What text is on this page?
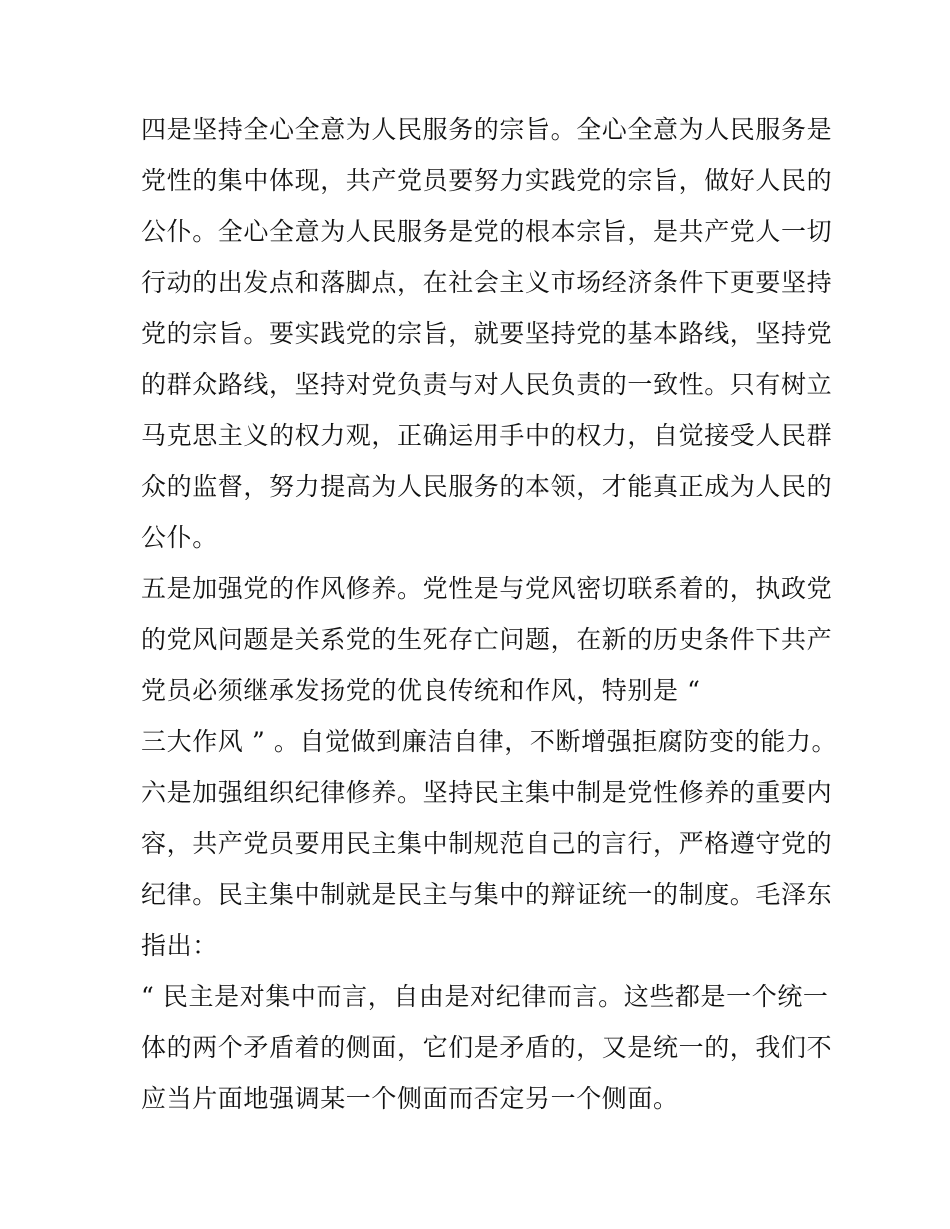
四是坚持全心全意为人民服务的宗旨。全心全意为人民服务是
党性的集中体现，共产党员要努力实践党的宗旨，做好人民的
公仆。全心全意为人民服务是党的根本宗旨，是共产党人一切
行动的出发点和落脚点，在社会主义市场经济条件下更要坚持
党的宗旨。要实践党的宗旨，就要坚持党的基本路线，坚持党
的群众路线，坚持对党负责与对人民负责的一致性。只有树立
马克思主义的权力观，正确运用手中的权力，自觉接受人民群
众的监督，努力提高为人民服务的本领，才能真正成为人民的
公仆。
五是加强党的作风修养。党性是与党风密切联系着的，执政党
的党风问题是关系党的生死存亡问题，在新的历史条件下共产
党员必须继承发扬党的优良传统和作风，特别是 “
三大作风 ” 。自觉做到廉洁自律，不断增强拒腐防变的能力。
六是加强组织纪律修养。坚持民主集中制是党性修养的重要内
容，共产党员要用民主集中制规范自己的言行，严格遵守党的
纪律。民主集中制就是民主与集中的辩证统一的制度。毛泽东
指出：
“ 民主是对集中而言，自由是对纪律而言。这些都是一个统一
体的两个矛盾着的侧面，它们是矛盾的，又是统一的，我们不
应当片面地强调某一个侧面而否定另一个侧面。
